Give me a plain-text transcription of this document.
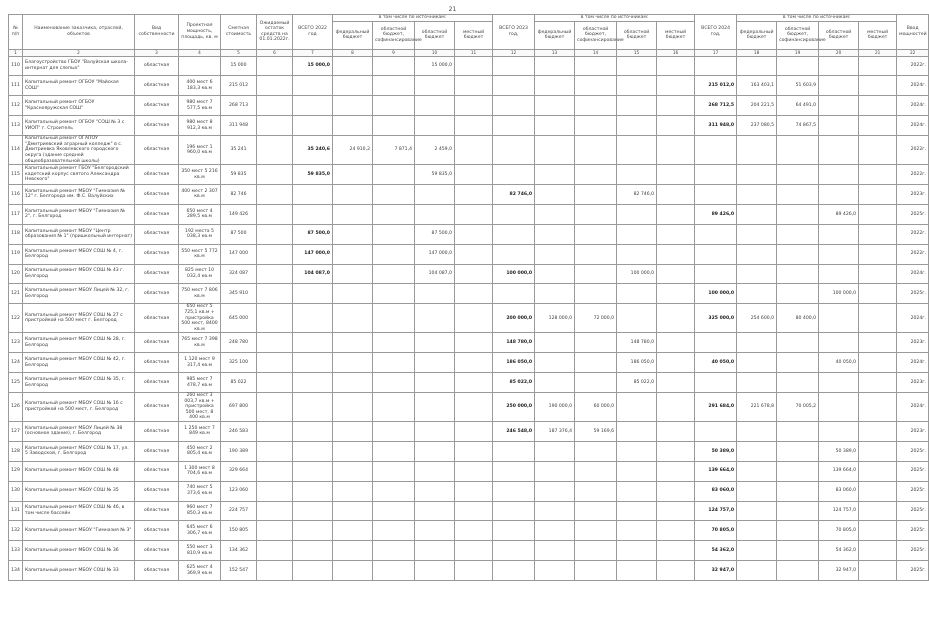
21
№ п/п	Наименование заказчика, отраслей, объектов	Вид собственности	Проектная мощность, площадь, кв. м	Сметная стоимость	Ожидаемый остаток средств на 01.01.2022г.	ВСЕГО 2022 год	в том числе по источникам:				ВСЕГО 2023 год,	в том числе по источникам:				ВСЕГО 2024 год,	в том числе по источникам:				Ввод мощностей
							федеральный бюджет	областной бюджет, софинансирование	областной бюджет	местный бюджет		федеральный бюджет	областной бюджет, софинансирование	областной бюджет	местный бюджет		федеральный бюджет	областной бюджет, софинансирование	областной бюджет	местный бюджет	
1	2	3	4	5	6	7	8	9	10	11	12	13	14	15	16	17	18	19	20	21	22
110	Благоустройство ГБОУ "Валуйская школа-интернат для слепых"	областная		15 000		15 000,0			15 000,0												2022г.
111	Капитальный ремонт ОГБОУ "Майская СОШ"	областная	400 мест 6 183,3 кв.м	215 012												215 012,0	163 403,1	51 603,9			2024г.
112	Капитальный ремонт ОГБОУ "Краснояружская СОШ"	областная	980 мест 7 577,5 кв.м	268 713												268 712,5	204 221,5	64 491,0			2024г.
113	Капитальный ремонт ОГБОУ "СОШ № 3 с УИОП" г. Строитель	областная	980 мест 8 912,3 кв.м	311 948												311 948,0	237 080,5	74 867,5			2024г.
114	Капитальный ремонт ОГАПОУ "Дмитриевский аграрный колледж" в с. Дмитриевка Яковлевского городского округа (здание средней общеобразовательной школы)	областная	196 мест 1 960,0 кв.м	35 241		35 240,6	24 910,2	7 871,4	2 459,0												2022г.
115	Капитальный ремонт ГБОУ "Белгородский кадетский корпус святого Александра Невского"	областная	350 мест 5 216 кв.м	59 835		59 835,0			59 835,0												2022г.
116	Капитальный ремонт МБОУ "Гимназия № 12" г. Белгорода им. Ф.С. Валуйских	областная	400 мест 2 307 кв.м	82 746							82 746,0			82 746,0							2023г.
117	Капитальный ремонт МБОУ "Гимназия № 2", г. Белгород	областная	650 мест 4 289,5 кв.м	149 426												89 426,0			89 426,0		2025г.
118	Капитальный ремонт МБОУ "Центр образования № 1" (пришкольный интернат)	областная	192 места 5 038,3 кв.м	87 500		87 500,0			87 500,0												2022г.
119	Капитальный ремонт МБОУ СОШ № 4, г. Белгород	областная	550 мест 5 772 кв.м	147 000		147 000,0			147 000,0												2022г.
120	Капитальный ремонт МБОУ СОШ № 43 г. Белгород	областная	825 мест 10 032,4 кв.м	324 087		104 087,0			104 087,0		100 000,0			100 000,0							2024г.
121	Капитальный ремонт МБОУ Лицей № 32, г. Белгород	областная	750 мест 7 806 кв.м	345 910												100 000,0			100 000,0		2025г.
122	Капитальный ремонт МБОУ СОШ № 27 с пристройкой на 500 мест г. Белгород	областная	650 мест 5 725,1 кв.м + пристройка 500 мест, 8400 кв.м	645 000							200 000,0	128 000,0	72 000,0			325 000,0	254 600,0	80 400,0			2024г.
123	Капитальный ремонт МБОУ СОШ № 28, г. Белгород	областная	765 мест 7 398 кв.м	248 780							148 780,0			148 780,0							2023г.
124	Капитальный ремонт МБОУ СОШ № 42, г. Белгород	областная	1 120 мест 9 317,4 кв.м	325 100							186 050,0			186 050,0		40 050,0			40 050,0		2024г.
125	Капитальный ремонт МБОУ СОШ № 35, г. Белгород	областная	985 мест 7 478,7 кв.м	85 022							85 022,0			85 022,0							2023г.
126	Капитальный ремонт МБОУ СОШ № 16 с пристройкой на 500 мест, г. Белгород	областная	260 мест 3 003,7 кв.м + пристройка 500 мест, 8 400 кв.м	697 800							250 000,0	190 000,0	60 000,0			291 684,0	221 678,8	70 005,2			2024г.
127	Капитальный ремонт МБОУ Лицей № 38 (основное здание), г. Белгород	областная	1 250 мест 7 849 кв.м	246 583							246 548,0	187 376,4	59 169,6								2023г.
128	Капитальный ремонт МБОУ СОШ № 17, ул. 5 Заводской, г. Белгород	областная	450 мест 2 805,4 кв.м	190 389												50 389,0			50 389,0		2025г.
129	Капитальный ремонт МБОУ СОШ № 48	областная	1 300 мест 8 704,6 кв.м	329 664												139 664,0			139 664,0		2025г.
130	Капитальный ремонт МБОУ СОШ № 35	областная	740 мест 5 373,6 кв.м	123 060												83 060,0			83 060,0		2025г.
131	Капитальный ремонт МБОУ СОШ № 46, в том числе бассейн	областная	960 мест 7 850,3 кв.м	224 757												124 757,0			124 757,0		2025г.
132	Капитальный ремонт МБОУ "Гимназия № 3"	областная	645 мест 6 306,7 кв.м	150 805												70 805,0			70 805,0		2025г.
133	Капитальный ремонт МБОУ СОШ № 36	областная	550 мест 3 810,9 кв.м	134 362												54 362,0			54 362,0		2025г.
134	Капитальный ремонт МБОУ СОШ № 33	областная	625 мест 4 369,9 кв.м	152 547												32 947,0			32 947,0		2025г.
